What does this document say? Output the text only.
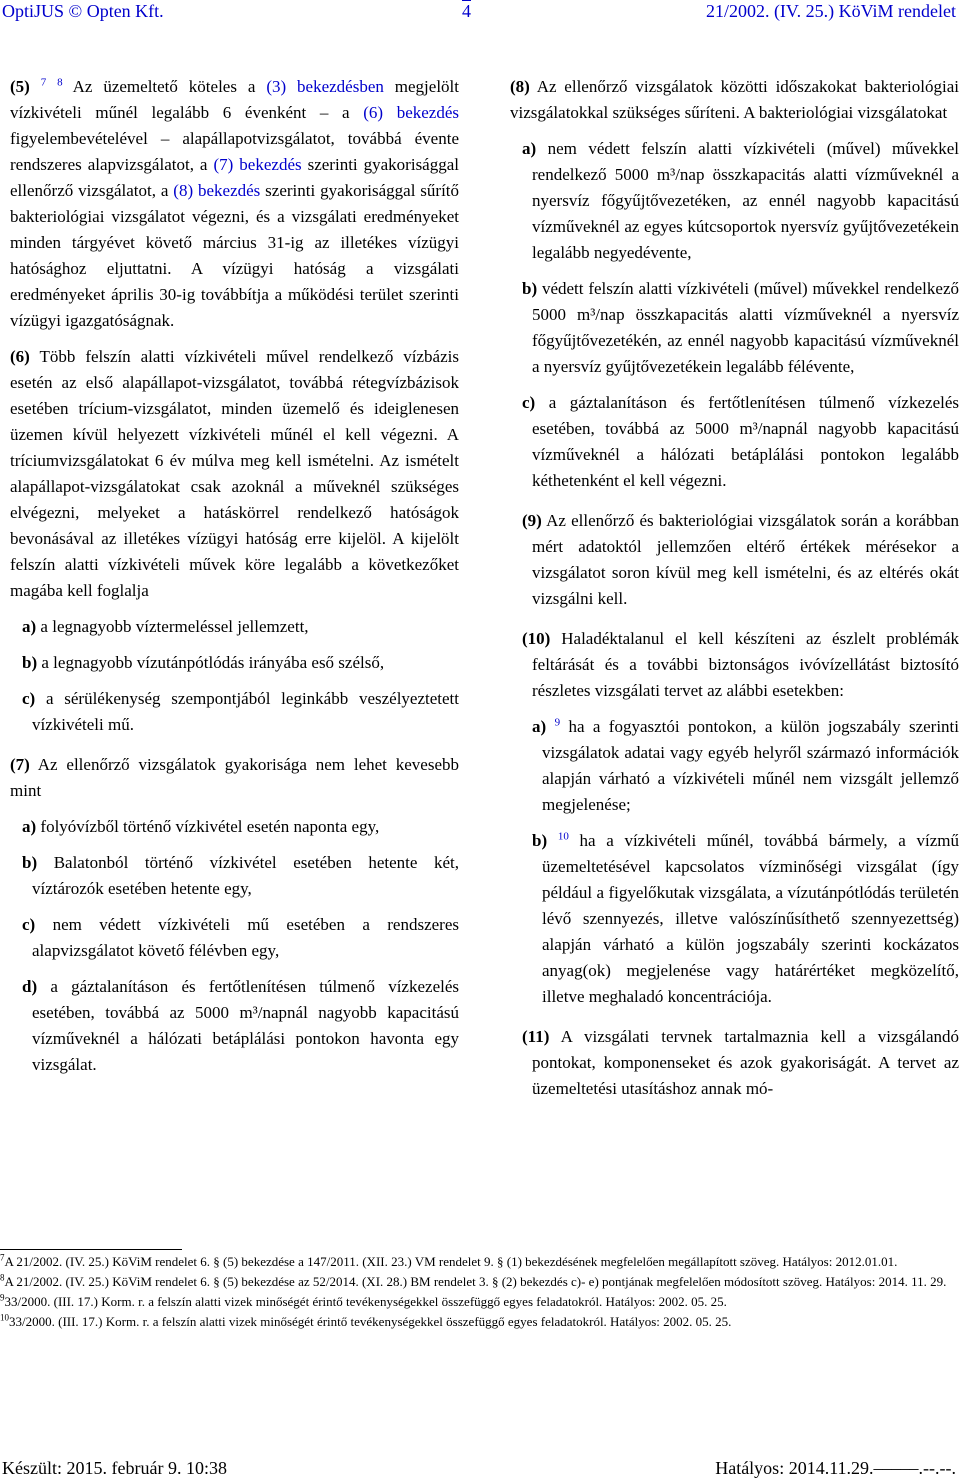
OptiJUS © Opten Kft.	4	21/2002. (IV. 25.) KöViM rendelet

(5) $^7$ $^8$ Az üzemeltető köteles a (3) bekezdésben megjelölt vízkivételi műnél legalább 6 évenként – a (6) bekezdés figyelembevételével – alapállapotvizsgálatot, továbbá évente rendszeres alapvizsgálatot, a (7) bekezdés szerinti gyakorisággal ellenőrző vizsgálatot, a (8) bekezdés szerinti gyakorisággal sűrítő bakteriológiai vizsgálatot végezni, és a vizsgálati eredményeket minden tárgyévet követő március 31-ig az illetékes vízügyi hatósághoz eljuttatni. A vízügyi hatóság a vizsgálati eredményeket április 30-ig továbbítja a működési terület szerinti vízügyi igazgatóságnak.

(6) Több felszín alatti vízkivételi művel rendelkező vízbázis esetén az első alapállapot-vizsgálatot, továbbá rétegvízbázisok esetében trícium-vizsgálatot, minden üzemelő és ideiglenesen üzemen kívül helyezett vízkivételi műnél el kell végezni. A tríciumvizsgálatokat 6 év múlva meg kell ismételni. Az ismételt alapállapot-vizsgálatokat csak azoknál a műveknél szükséges elvégezni, melyeket a hatáskörrel rendelkező hatóságok bevonásával az illetékes vízügyi hatóság erre kijelöl. A kijelölt felszín alatti vízkivételi művek köre legalább a következőket magába kell foglalja

a) a legnagyobb víztermeléssel jellemzett,
b) a legnagyobb vízutánpótlódás irányába eső szélső,
c) a sérülékenység szempontjából leginkább veszélyeztetett vízkivételi mű.

(7) Az ellenőrző vizsgálatok gyakorisága nem lehet kevesebb mint

a) folyóvízből történő vízkivétel esetén naponta egy,
b) Balatonból történő vízkivétel esetében hetente két, víztározók esetében hetente egy,
c) nem védett vízkivételi mű esetében a rendszeres alapvizsgálatot követő félévben egy,
d) a gáztalanításon és fertőtlenítésen túlmenő vízkezelés esetében, továbbá az 5000 m³/napnál nagyobb kapacitású vízműveknél a hálózati betáplálási pontokon havonta egy vizsgálat.

(8) Az ellenőrző vizsgálatok közötti időszakokat bakteriológiai vizsgálatokkal szükséges sűríteni. A bakteriológiai vizsgálatokat

a) nem védett felszín alatti vízkivételi (művel) művekkel rendelkező 5000 m³/nap összkapacitás alatti vízműveknél a nyersvíz főgyűjtővezetéken, az ennél nagyobb kapacitású vízműveknél az egyes kútcsoportok nyersvíz gyűjtővezetékein legalább negyedévente,
b) védett felszín alatti vízkivételi (művel) művekkel rendelkező 5000 m³/nap összkapacitás alatti vízműveknél a nyersvíz főgyűjtővezetékén, az ennél nagyobb kapacitású vízműveknél a nyersvíz gyűjtővezetékein legalább félévente,
c) a gáztalanításon és fertőtlenítésen túlmenő vízkezelés esetében, továbbá az 5000 m³/napnál nagyobb kapacitású vízműveknél a hálózati betáplálási pontokon legalább kéthetenként el kell végezni.

(9) Az ellenőrző és bakteriológiai vizsgálatok során a korábban mért adatoktól jellemzően eltérő értékek mérésekor a vizsgálatot soron kívül meg kell ismételni, és az eltérés okát vizsgálni kell.

(10) Haladéktalanul el kell készíteni az észlelt problémák feltárását és a további biztonságos ivóvízellátást biztosító részletes vizsgálati tervet az alábbi esetekben:

a) $^9$ ha a fogyasztói pontokon, a külön jogszabály szerinti vizsgálatok adatai vagy egyéb helyről származó információk alapján várható a vízkivételi műnél nem vizsgált jellemző megjelenése;
b) $^{10}$ ha a vízkivételi műnél, továbbá bármely, a vízmű üzemeltetésével kapcsolatos vízminőségi vizsgálat (így például a figyelőkutak vizsgálata, a vízutánpótlódás területén lévő szennyezés, illetve valószínűsíthető szennyezettség) alapján várható a külön jogszabály szerinti kockázatos anyag(ok) megjelenése vagy határértéket megközelítő, illetve meghaladó koncentrációja.

(11) A vizsgálati tervnek tartalmaznia kell a vizsgálandó pontokat, komponenseket és azok gyakoriságát. A tervet az üzemeltetési utasításhoz annak mó-

$^7$A 21/2002. (IV. 25.) KöViM rendelet 6. § (5) bekezdése a 147/2011. (XII. 23.) VM rendelet 9. § (1) bekezdésének megfelelően megállapított szöveg. Hatályos: 2012.01.01.
$^8$A 21/2002. (IV. 25.) KöViM rendelet 6. § (5) bekezdése az 52/2014. (XI. 28.) BM rendelet 3. § (2) bekezdés c)- e) pontjának megfelelően módosított szöveg. Hatályos: 2014. 11. 29.
$^9$33/2000. (III. 17.) Korm. r. a felszín alatti vizek minőségét érintő tevékenységekkel összefüggő egyes feladatokról. Hatályos: 2002. 05. 25.
$^{10}$33/2000. (III. 17.) Korm. r. a felszín alatti vizek minőségét érintő tevékenységekkel összefüggő egyes feladatokról. Hatályos: 2002. 05. 25.
Készült: 2015. február 9. 10:38	Hatályos: 2014.11.29.–––––.--.--.
